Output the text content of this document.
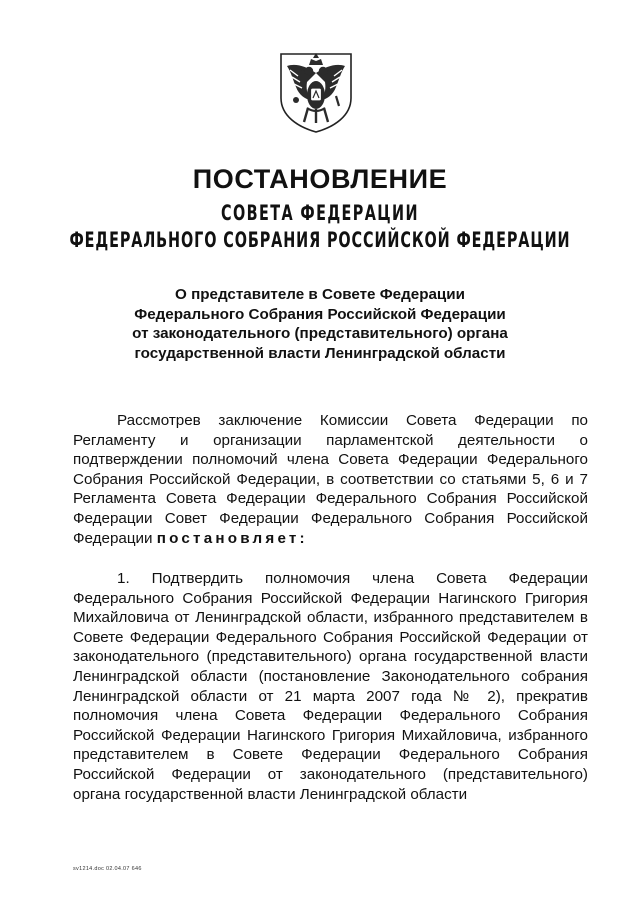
ПОСТАНОВЛЕНИЕ
СОВЕТА ФЕДЕРАЦИИ
ФЕДЕРАЛЬНОГО СОБРАНИЯ РОССИЙСКОЙ ФЕДЕРАЦИИ
О представителе в Совете Федерации
Федерального Собрания Российской Федерации
от законодательного (представительного) органа
государственной власти Ленинградской области

Рассмотрев заключение Комиссии Совета Федерации по Регламенту и организации парламентской деятельности о подтверждении полномочий члена Совета Федерации Федерального Собрания Российской Федерации, в соответствии со статьями 5, 6 и 7 Регламента Совета Федерации Федерального Собрания Российской Федерации Совет Федерации Федерального Собрания Российской Федерации постановляет:

1. Подтвердить полномочия члена Совета Федерации Федерального Собрания Российской Федерации Нагинского Григория Михайловича от Ленинградской области, избранного представителем в Совете Федерации Федерального Собрания Российской Федерации от законодательного (представительного) органа государственной власти Ленинградской области (постановление Законодательного собрания Ленинградской области от 21 марта 2007 года № 2), прекратив полномочия члена Совета Федерации Федерального Собрания Российской Федерации Нагинского Григория Михайловича, избранного представителем в Совете Федерации Федерального Собрания Российской Федерации от законодательного (представительного) органа государственной власти Ленинградской области

sv1214.doc 02.04.07 646
